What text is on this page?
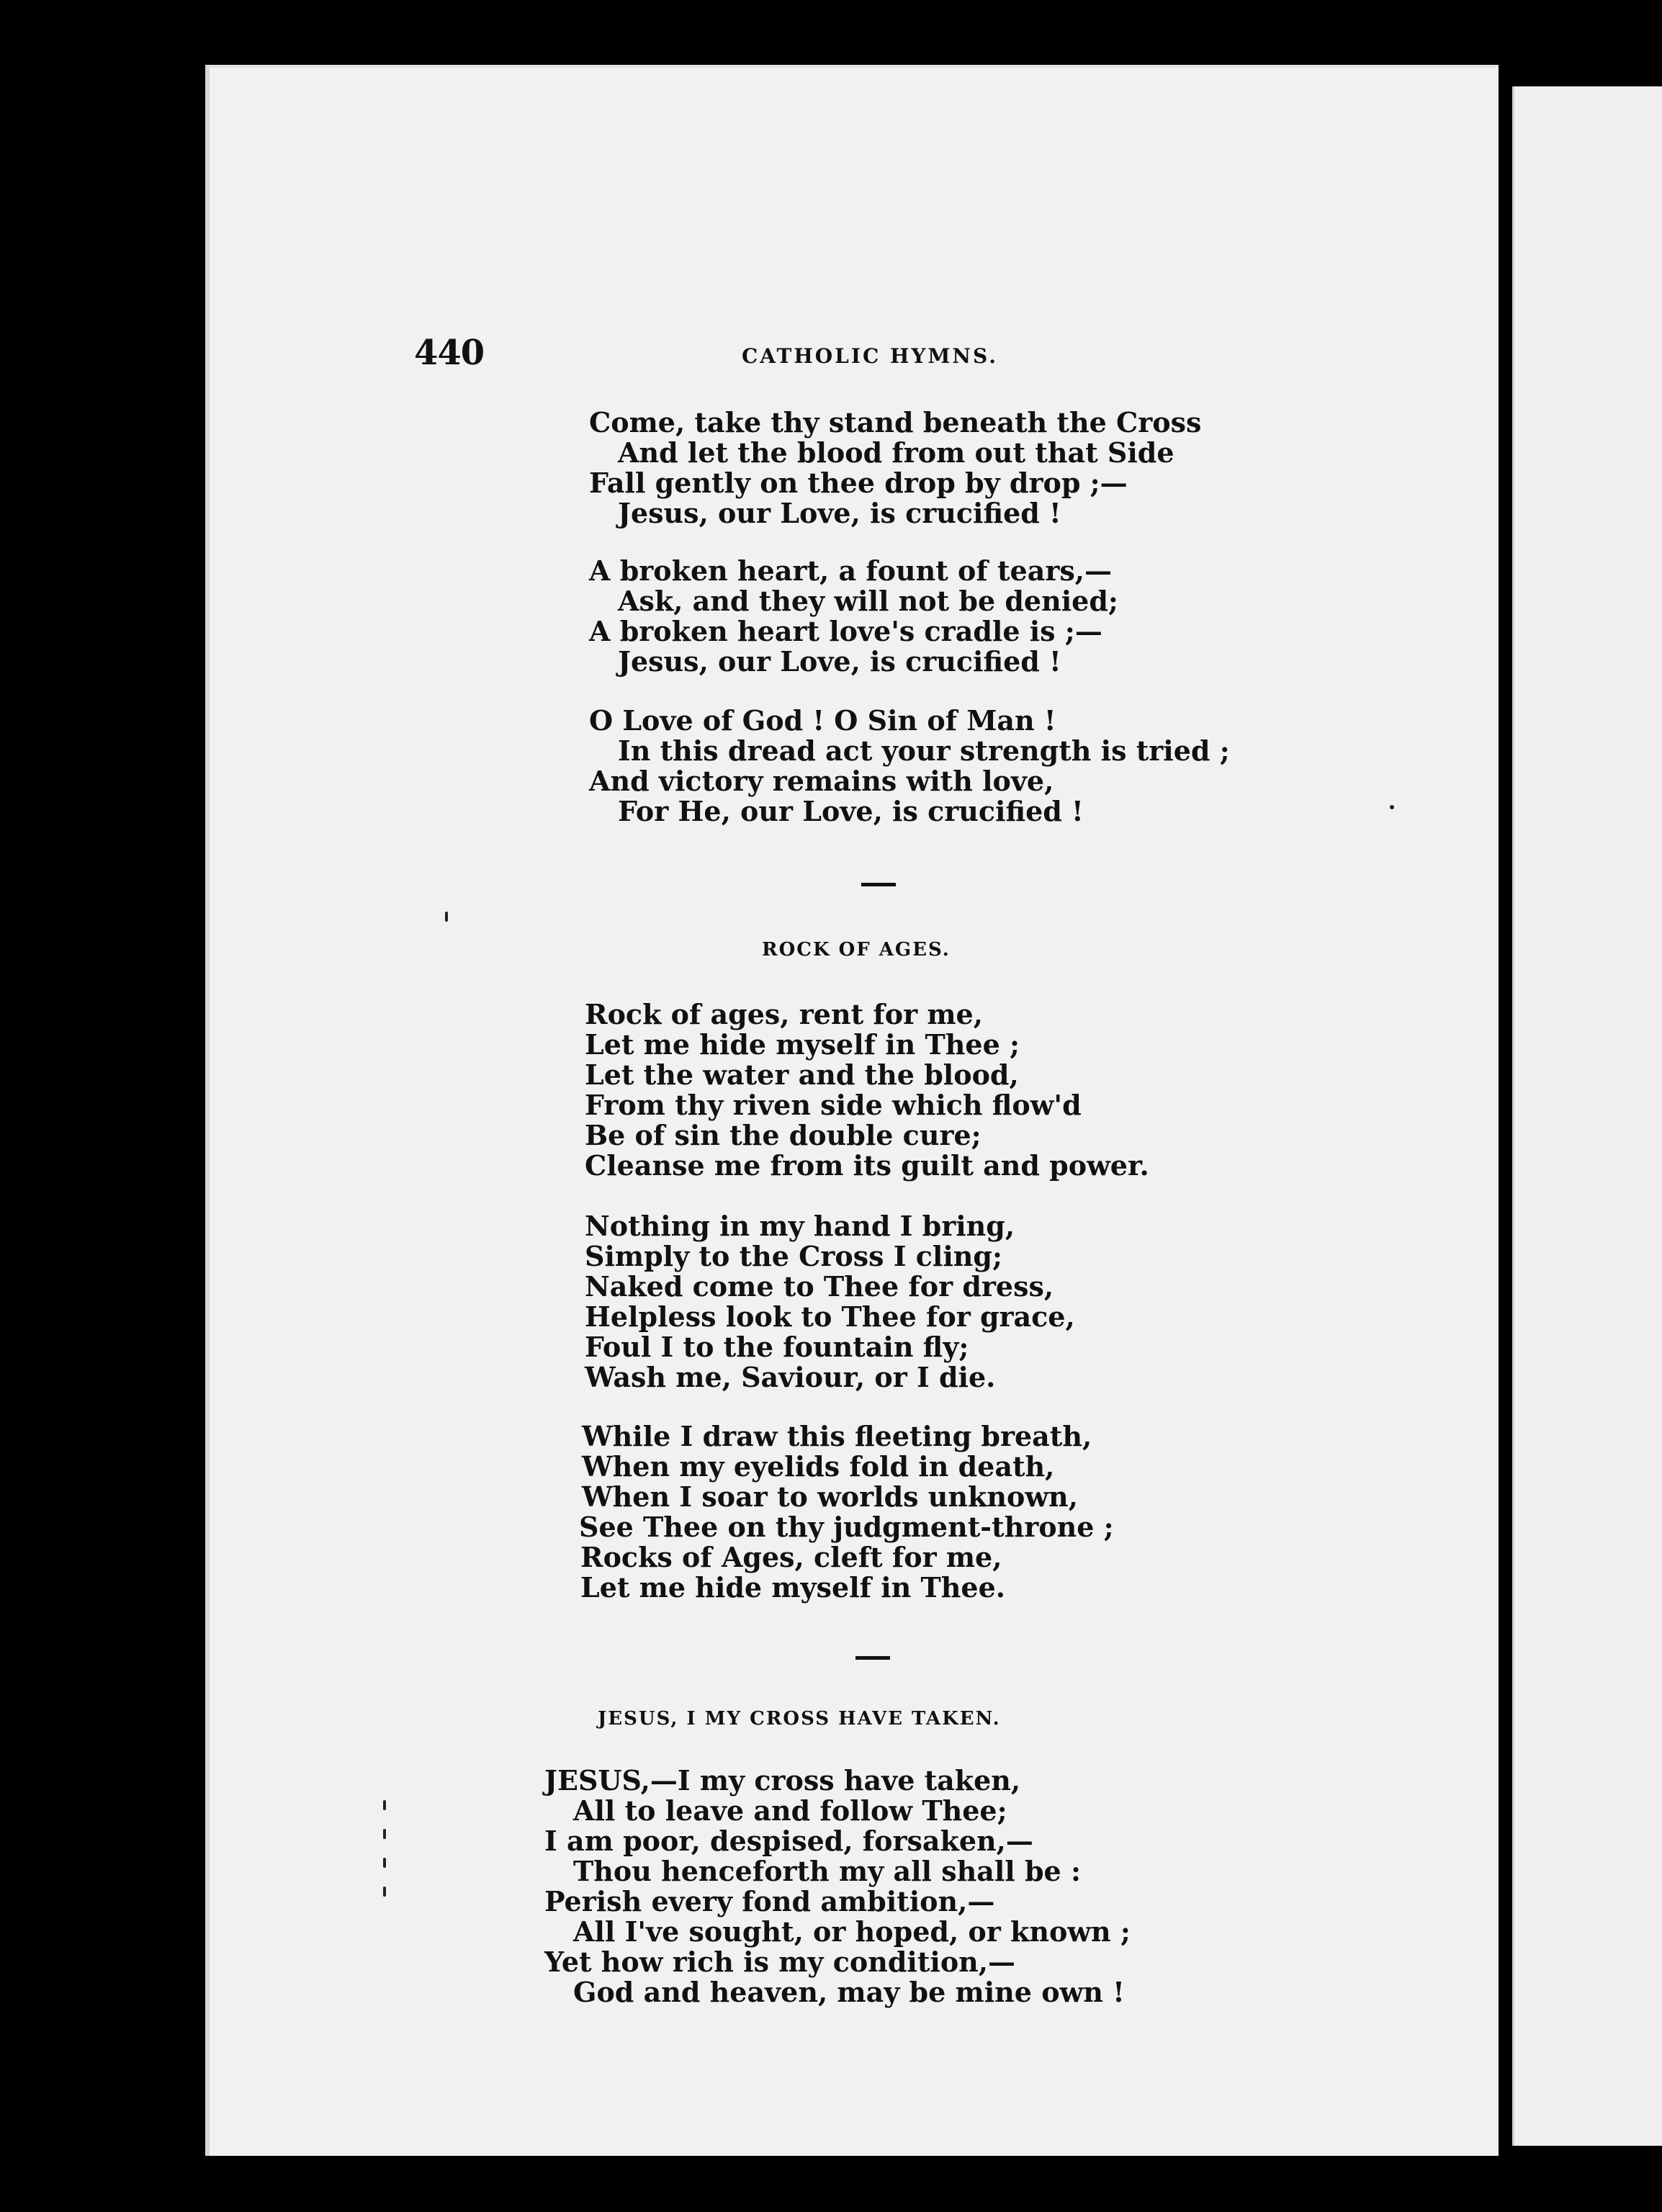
440	CATHOLIC HYMNS.
Come, take thy stand beneath the Cross
And let the blood from out that Side
Fall gently on thee drop by drop ;—
Jesus, our Love, is crucified !
A broken heart, a fount of tears,—
Ask, and they will not be denied;
A broken heart love's cradle is ;—
Jesus, our Love, is crucified !
O Love of God ! O Sin of Man !
In this dread act your strength is tried ;
And victory remains with love,
For He, our Love, is crucified !
ROCK OF AGES.
Rock of ages, rent for me,
Let me hide myself in Thee ;
Let the water and the blood,
From thy riven side which flow'd
Be of sin the double cure;
Cleanse me from its guilt and power.
Nothing in my hand I bring,
Simply to the Cross I cling;
Naked come to Thee for dress,
Helpless look to Thee for grace,
Foul I to the fountain fly;
Wash me, Saviour, or I die.
While I draw this fleeting breath,
When my eyelids fold in death,
When I soar to worlds unknown,
See Thee on thy judgment-throne ;
Rocks of Ages, cleft for me,
Let me hide myself in Thee.
JESUS, I MY CROSS HAVE TAKEN.
JESUS,—I my cross have taken,
All to leave and follow Thee;
I am poor, despised, forsaken,—
Thou henceforth my all shall be :
Perish every fond ambition,—
All I've sought, or hoped, or known ;
Yet how rich is my condition,—
God and heaven, may be mine own !
